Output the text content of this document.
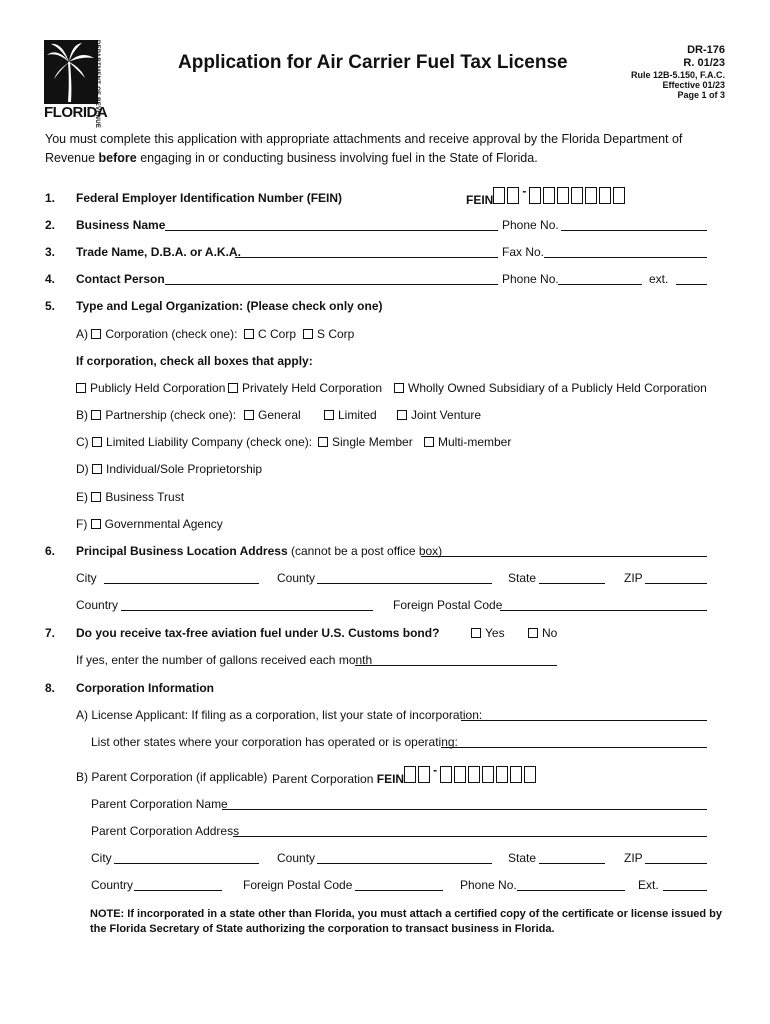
DEPARTMENT OF REVENUE
FLORIDA
Application for Air Carrier Fuel Tax License
DR-176
R. 01/23
Rule 12B-5.150, F.A.C.
Effective 01/23
Page 1 of 3
You must complete this application with appropriate attachments and receive approval by the Florida Department of
Revenue before engaging in or conducting business involving fuel in the State of Florida.
1. Federal Employer Identification Number (FEIN)	FEIN-
2. Business Name	Phone No.
3. Trade Name, D.B.A. or A.K.A.	Fax No.
4. Contact Person	Phone No.	ext.
5. Type and Legal Organization: (Please check only one)
A) Corporation (check one):	C Corp	S Corp
If corporation, check all boxes that apply:
Publicly Held Corporation	Privately Held Corporation	Wholly Owned Subsidiary of a Publicly Held Corporation
B) Partnership (check one):	General	Limited	Joint Venture
C) Limited Liability Company (check one):	Single Member	Multi-member
D) Individual/Sole Proprietorship
E) Business Trust
F) Governmental Agency
6. Principal Business Location Address (cannot be a post office box)
City	County	State	ZIP
Country	Foreign Postal Code
7. Do you receive tax-free aviation fuel under U.S. Customs bond?	Yes	No
If yes, enter the number of gallons received each month
8. Corporation Information
A) License Applicant: If filing as a corporation, list your state of incorporation:
List other states where your corporation has operated or is operating:
B) Parent Corporation (if applicable) Parent Corporation FEIN-
Parent Corporation Name
Parent Corporation Address
City	County	State	ZIP
Country	Foreign Postal Code	Phone No.	Ext.
NOTE: If incorporated in a state other than Florida, you must attach a certified copy of the certificate or license issued by the Florida Secretary of State authorizing the corporation to transact business in Florida.
